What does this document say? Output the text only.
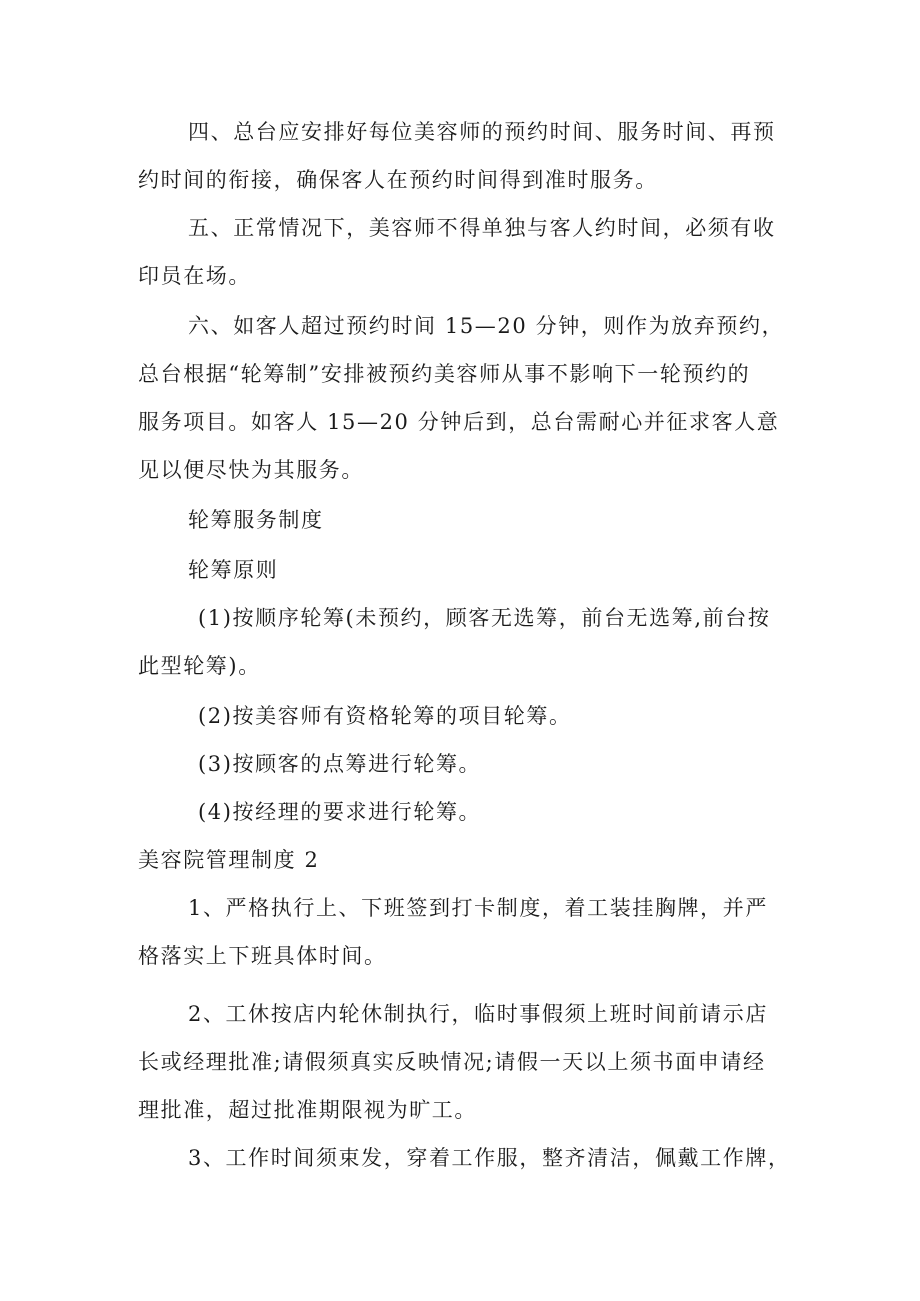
四、总台应安排好每位美容师的预约时间、服务时间、再预
约时间的衔接，确保客人在预约时间得到准时服务。
五、正常情况下，美容师不得单独与客人约时间，必须有收
印员在场。
六、如客人超过预约时间 15—20 分钟，则作为放弃预约，
总台根据“轮筹制”安排被预约美容师从事不影响下一轮预约的
服务项目。如客人 15—20 分钟后到，总台需耐心并征求客人意
见以便尽快为其服务。
轮筹服务制度
轮筹原则
(1)按顺序轮筹(未预约，顾客无选筹，前台无选筹,前台按
此型轮筹)。
(2)按美容师有资格轮筹的项目轮筹。
(3)按顾客的点筹进行轮筹。
(4)按经理的要求进行轮筹。
美容院管理制度 2
1、严格执行上、下班签到打卡制度，着工装挂胸牌，并严
格落实上下班具体时间。
2、工休按店内轮休制执行，临时事假须上班时间前请示店
长或经理批准;请假须真实反映情况;请假一天以上须书面申请经
理批准，超过批准期限视为旷工。
3、工作时间须束发，穿着工作服，整齐清洁，佩戴工作牌，
